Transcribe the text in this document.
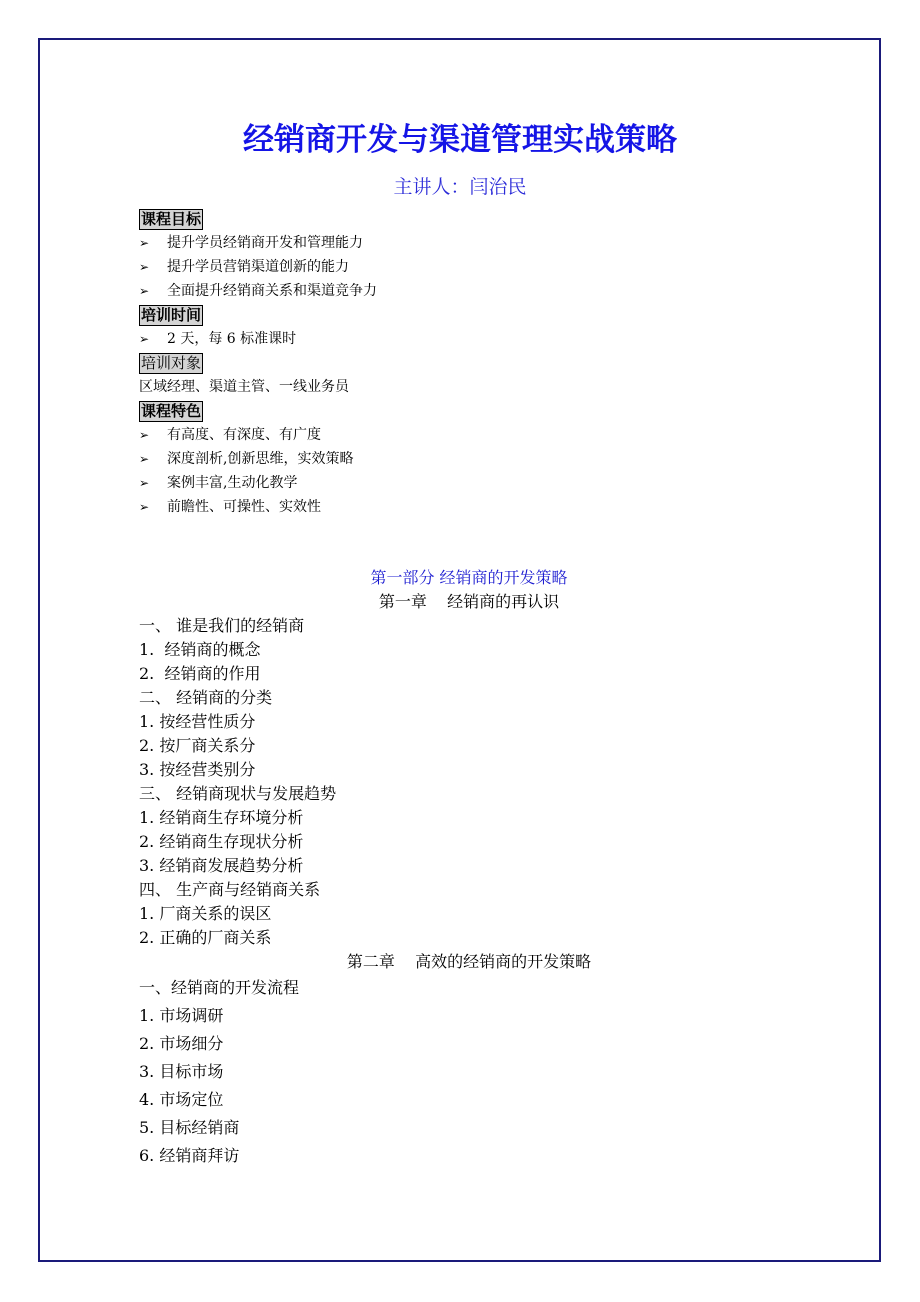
经销商开发与渠道管理实战策略
主讲人：闫治民
课程目标
➢ 提升学员经销商开发和管理能力
➢ 提升学员营销渠道创新的能力
➢ 全面提升经销商关系和渠道竞争力
培训时间
➢ 2 天，每 6 标准课时
培训对象
区域经理、渠道主管、一线业务员
课程特色
➢ 有高度、有深度、有广度
➢ 深度剖析,创新思维，实效策略
➢ 案例丰富,生动化教学
➢ 前瞻性、可操性、实效性
第一部分 经销商的开发策略
第一章    经销商的再认识
一、 谁是我们的经销商
1.  经销商的概念
2.  经销商的作用
二、 经销商的分类
1. 按经营性质分
2. 按厂商关系分
3. 按经营类别分
三、 经销商现状与发展趋势
1. 经销商生存环境分析
2. 经销商生存现状分析
3. 经销商发展趋势分析
四、 生产商与经销商关系
1. 厂商关系的误区
2. 正确的厂商关系
第二章    高效的经销商的开发策略
一、经销商的开发流程
1. 市场调研
2. 市场细分
3. 目标市场
4. 市场定位
5. 目标经销商
6. 经销商拜访
